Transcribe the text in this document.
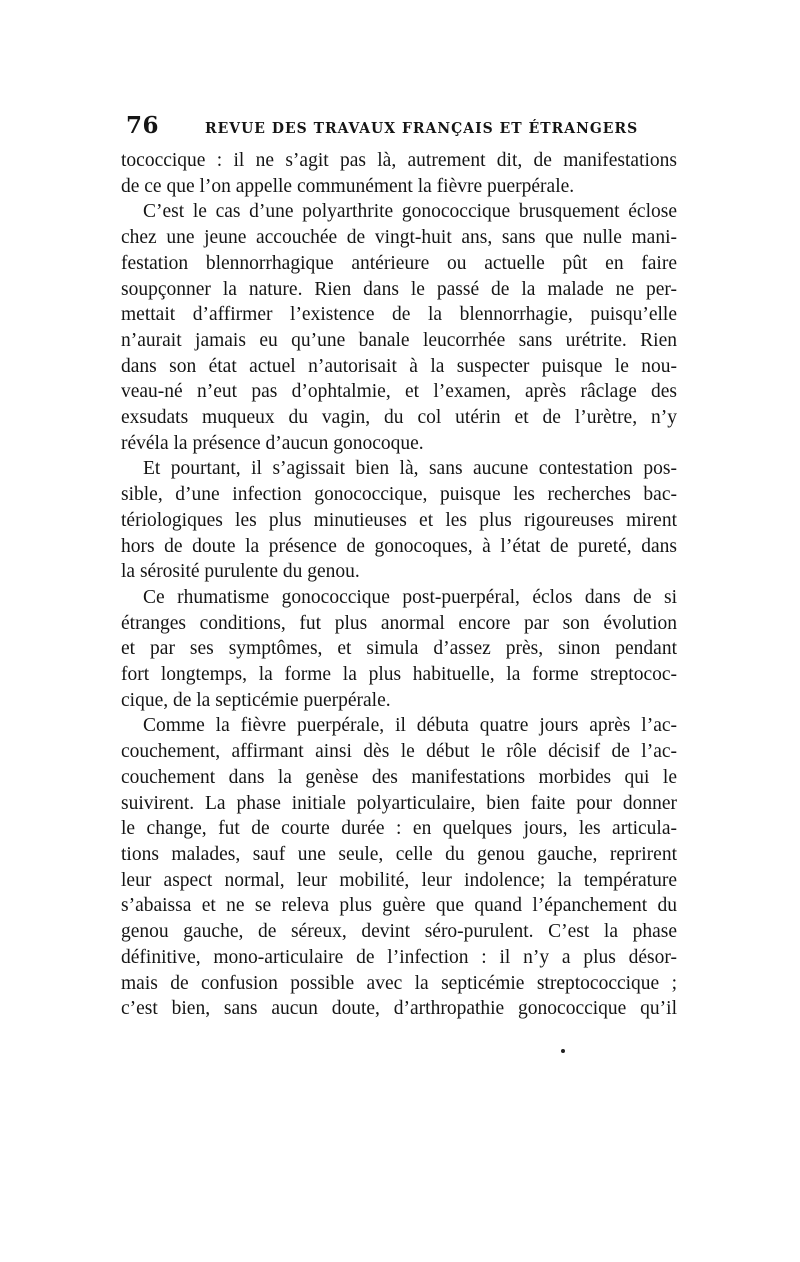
76	REVUE DES TRAVAUX FRANÇAIS ET ÉTRANGERS
tococcique : il ne s’agit pas là, autrement dit, de manifestations
de ce que l’on appelle communément la fièvre puerpérale.
C’est le cas d’une polyarthrite gonococcique brusquement éclose
chez une jeune accouchée de vingt-huit ans, sans que nulle mani-
festation blennorrhagique antérieure ou actuelle pût en faire
soupçonner la nature. Rien dans le passé de la malade ne per-
mettait d’affirmer l’existence de la blennorrhagie, puisqu’elle
n’aurait jamais eu qu’une banale leucorrhée sans urétrite. Rien
dans son état actuel n’autorisait à la suspecter puisque le nou-
veau-né n’eut pas d’ophtalmie, et l’examen, après râclage des
exsudats muqueux du vagin, du col utérin et de l’urètre, n’y
révéla la présence d’aucun gonocoque.
Et pourtant, il s’agissait bien là, sans aucune contestation pos-
sible, d’une infection gonococcique, puisque les recherches bac-
tériologiques les plus minutieuses et les plus rigoureuses mirent
hors de doute la présence de gonocoques, à l’état de pureté, dans
la sérosité purulente du genou.
Ce rhumatisme gonococcique post-puerpéral, éclos dans de si
étranges conditions, fut plus anormal encore par son évolution
et par ses symptômes, et simula d’assez près, sinon pendant
fort longtemps, la forme la plus habituelle, la forme streptococ-
cique, de la septicémie puerpérale.
Comme la fièvre puerpérale, il débuta quatre jours après l’ac-
couchement, affirmant ainsi dès le début le rôle décisif de l’ac-
couchement dans la genèse des manifestations morbides qui le
suivirent. La phase initiale polyarticulaire, bien faite pour donner
le change, fut de courte durée : en quelques jours, les articula-
tions malades, sauf une seule, celle du genou gauche, reprirent
leur aspect normal, leur mobilité, leur indolence; la température
s’abaissa et ne se releva plus guère que quand l’épanchement du
genou gauche, de séreux, devint séro-purulent. C’est la phase
définitive, mono-articulaire de l’infection : il n’y a plus désor-
mais de confusion possible avec la septicémie streptococcique ;
c’est bien, sans aucun doute, d’arthropathie gonococcique qu’il
